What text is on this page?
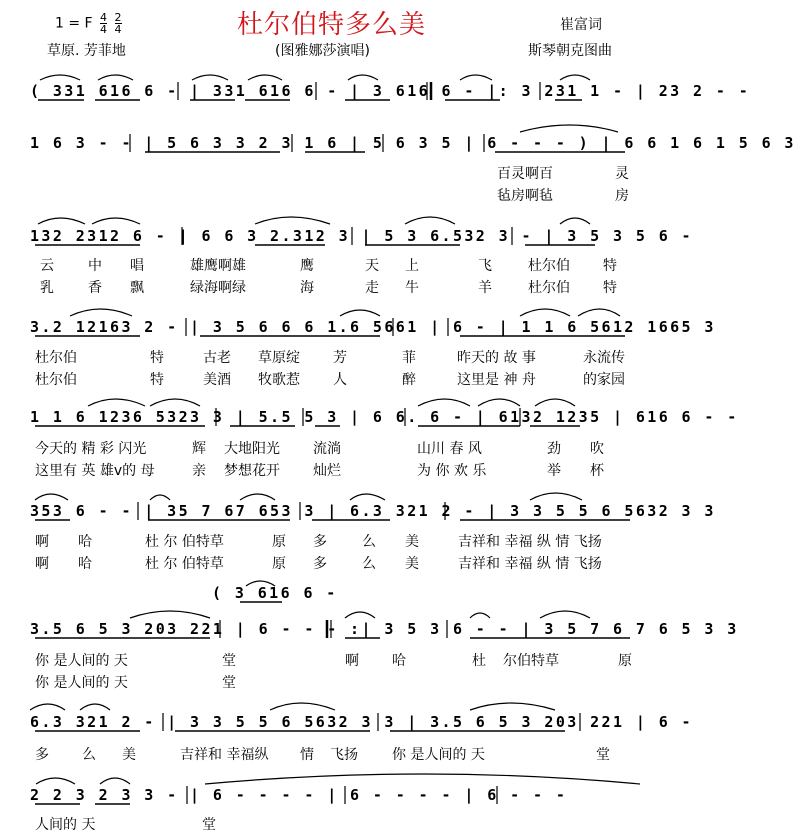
杜尔伯特多么美
1 = F $\frac{4}{4}$
$\frac{2}{4}$	崔富词
草原. 芳菲地	(图雅娜莎演唱)	斯琴朝克图曲
( 331 616 6 - | 331 616 6 - | 3 616 6 - |: 3 231 1 - | 23 2 - -
1 6 3 - - | 5 6 3 3 2 3 1 6 | 5 6 3 5 | 6 - - - ) | 6 6 1 6 1 5 6 3
132 2312 6 - | 6 6 3 2.312 3 | 5 3 6.532 3 - | 3 5 3 5 6 -
3.2 12163 2 - | 3 5 6 6 6 1.6 5661 | 6 - | 1 1 6 5612 1665 3
1 1 6 1236 5323 3 | 5.5 5 3 | 6 6. 6 - | 6132 1235 | 616 6 - -
353 6 - - | 35 7 67 653 3 | 6.3 321 2 - | 3 3 5 5 6 5632 3 3
( 3 616 6 -
3.5 6 5 3 203 221 | 6 - - - :| 3 5 3 6 - - | 3 5 7 6 7 6 5 3 3
6.3 321 2 - | 3 3 5 5 6 5632 3 3 | 3.5 6 5 3 203 221 | 6 -
2 2 3 2 3 3 - | 6 - - - - | 6 - - - - | 6 - - -
百灵啊百	灵
毡房啊毡	房
云 中 唱	雄鹰啊雄	鹰	天 上	飞	杜尔伯 特
乳 香 飘	绿海啊绿	海	走 牛	羊	杜尔伯 特
杜尔伯	特	古老 草原绽 芳	菲	昨天的 故 事	永流传
杜尔伯	特	美酒 牧歌惹 人	醉	这里是 神 舟	的家园
今天的 精 彩 闪光	辉 大地阳光 流淌	山川 春 风	劲 吹
这里有 英 雄v的 母	亲 梦想花开 灿烂	为 你 欢 乐	举 杯
啊 哈	杜 尔 伯特草	原 多	么 美	吉祥和 幸福 纵 情 飞扬
啊 哈	杜 尔 伯特草	原 多	么 美	吉祥和 幸福 纵 情 飞扬
你 是人间的 天	堂	啊 哈	杜 尔伯特草	原
你 是人间的 天	堂
多 么 美	吉祥和 幸福纵 情 飞扬 你 是人间的 天	堂
人间的 天	堂
